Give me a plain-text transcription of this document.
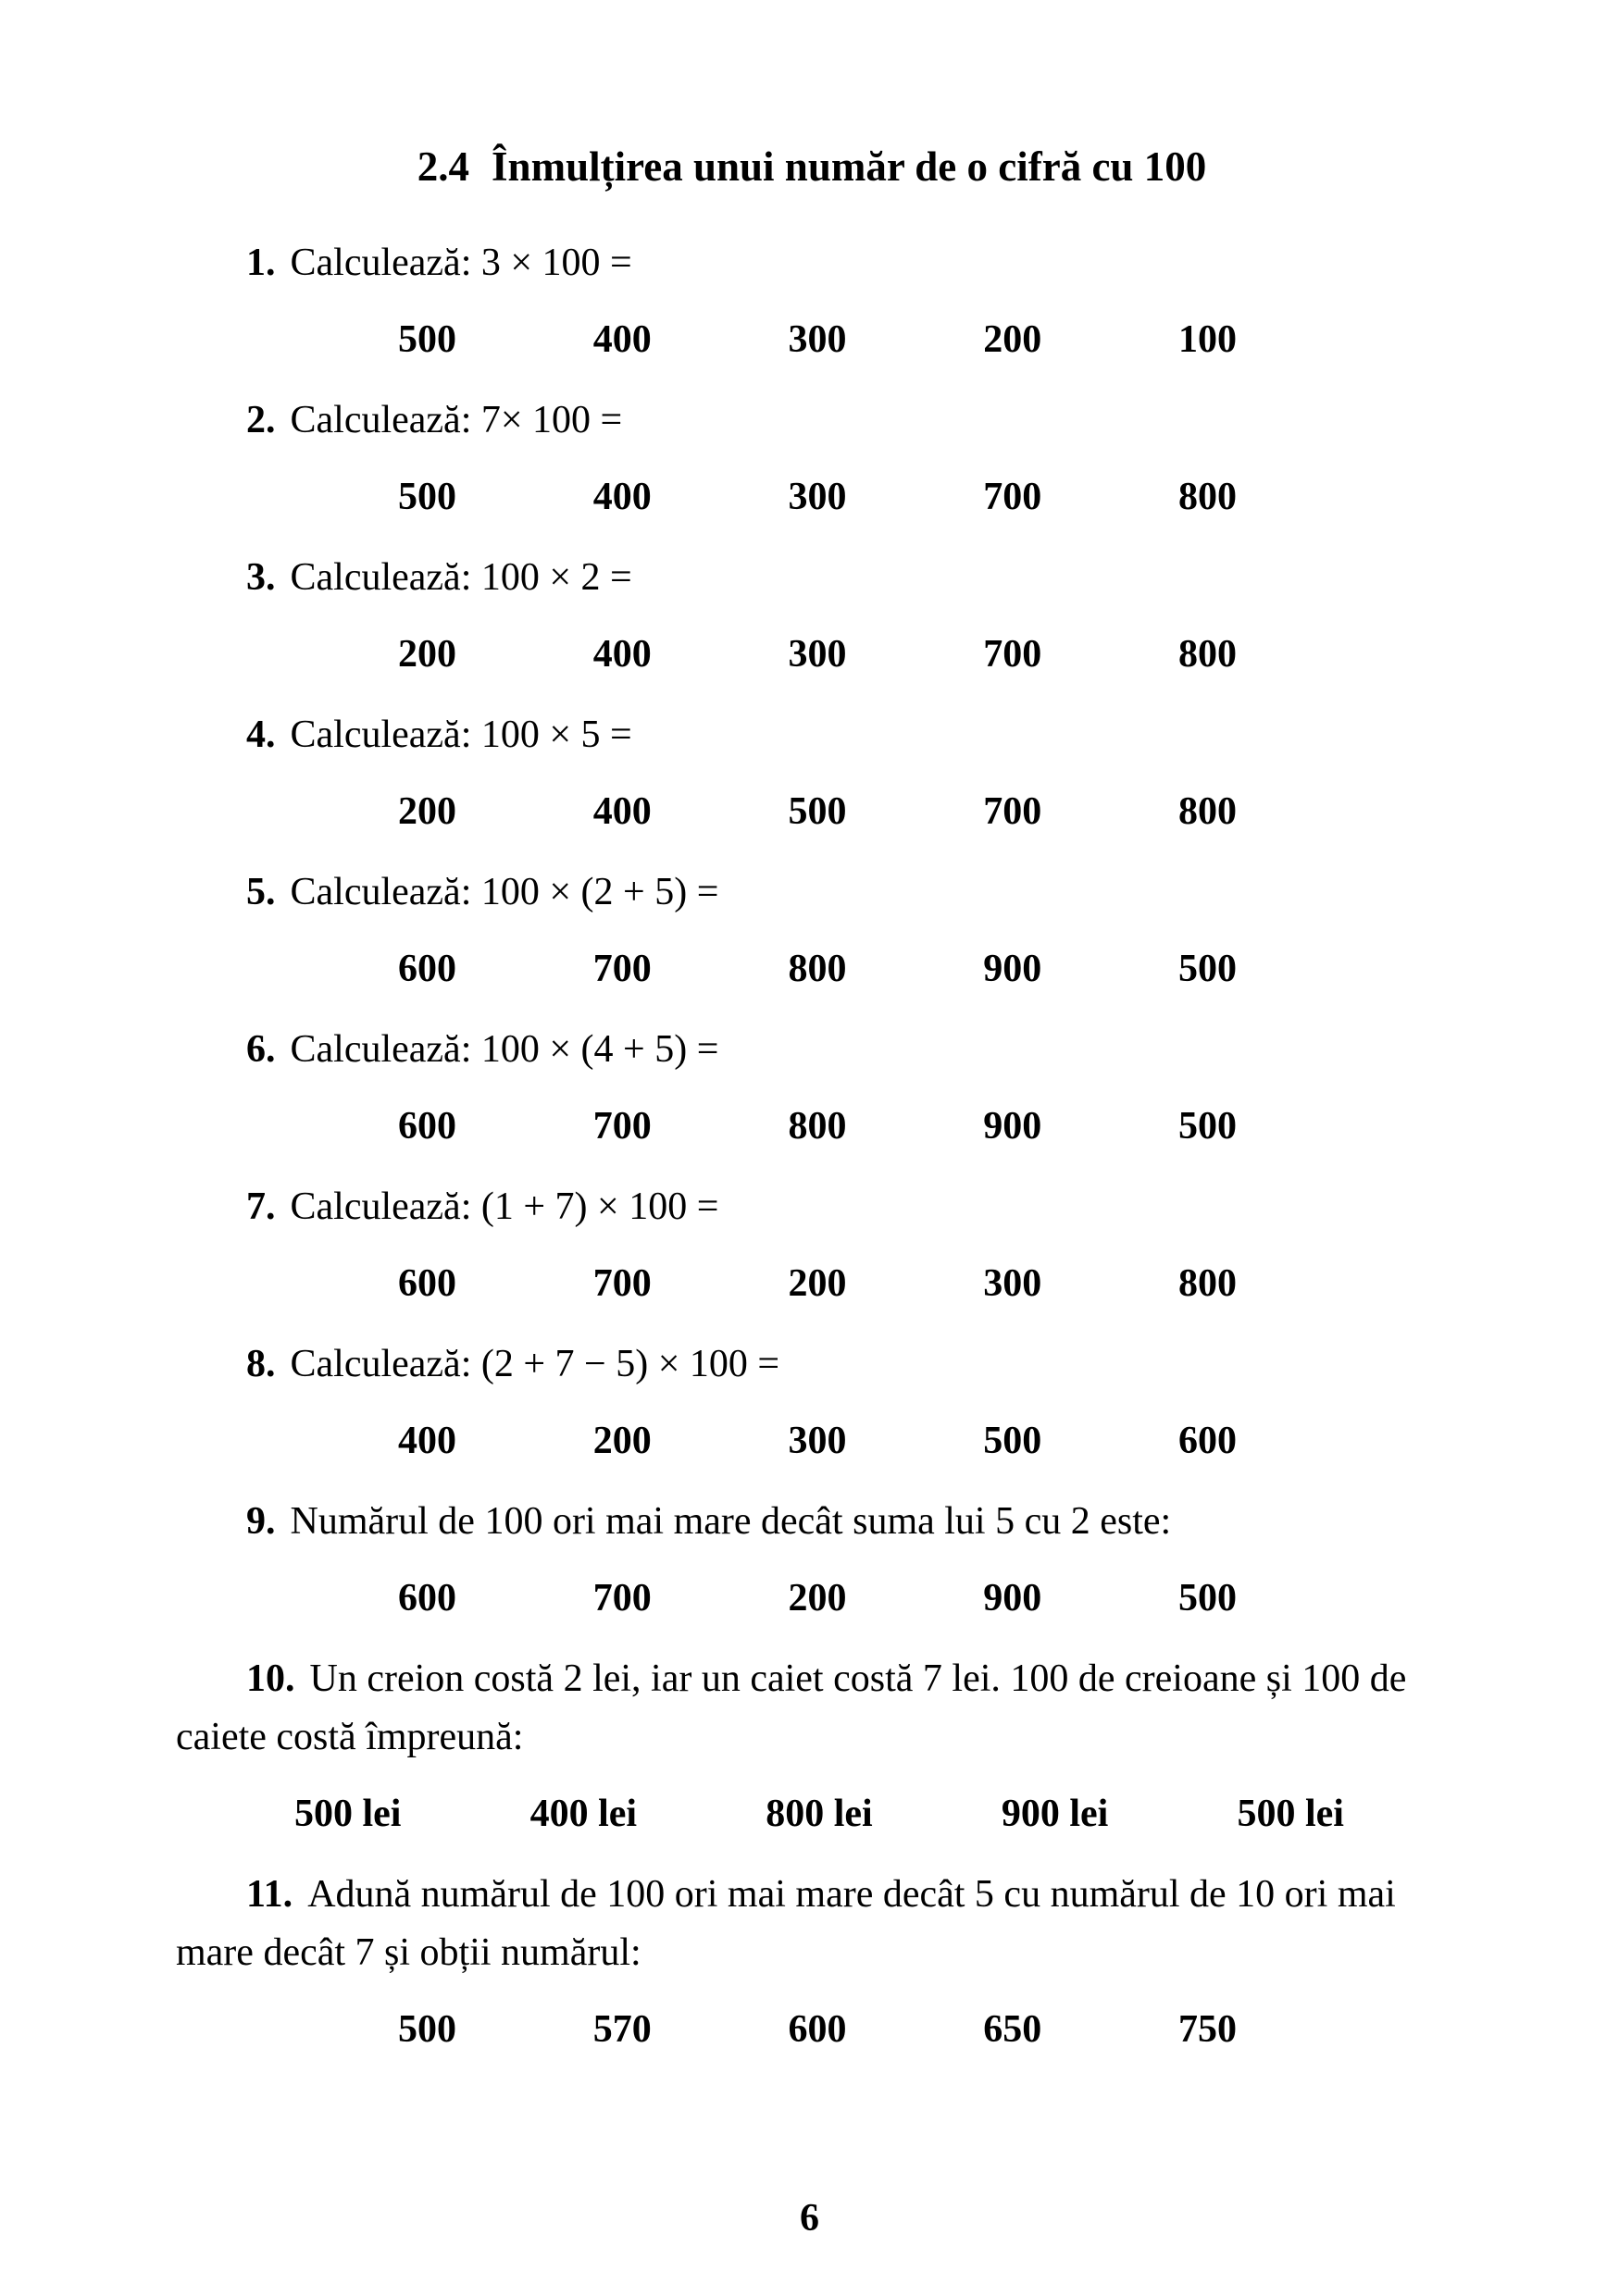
2.4 Înmulțirea unui număr de o cifră cu 100

1. Calculează: 3 × 100 =

500	400	300	200	100

2. Calculează: 7× 100 =

500	400	300	700	800

3. Calculează: 100 × 2 =

200	400	300	700	800

4. Calculează: 100 × 5 =

200	400	500	700	800

5. Calculează: 100 × (2 + 5) =

600	700	800	900	500

6. Calculează: 100 × (4 + 5) =

600	700	800	900	500

7. Calculează: (1 + 7) × 100 =

600	700	200	300	800

8. Calculează: (2 + 7 − 5) × 100 =

400	200	300	500	600

9. Numărul de 100 ori mai mare decât suma lui 5 cu 2 este:

600	700	200	900	500

10. Un creion costă 2 lei, iar un caiet costă 7 lei. 100 de creioane și 100 de caiete costă împreună:

500 lei	400 lei	800 lei	900 lei	500 lei

11. Adună numărul de 100 ori mai mare decât 5 cu numărul de 10 ori mai mare decât 7 și obții numărul:

500	570	600	650	750
6
